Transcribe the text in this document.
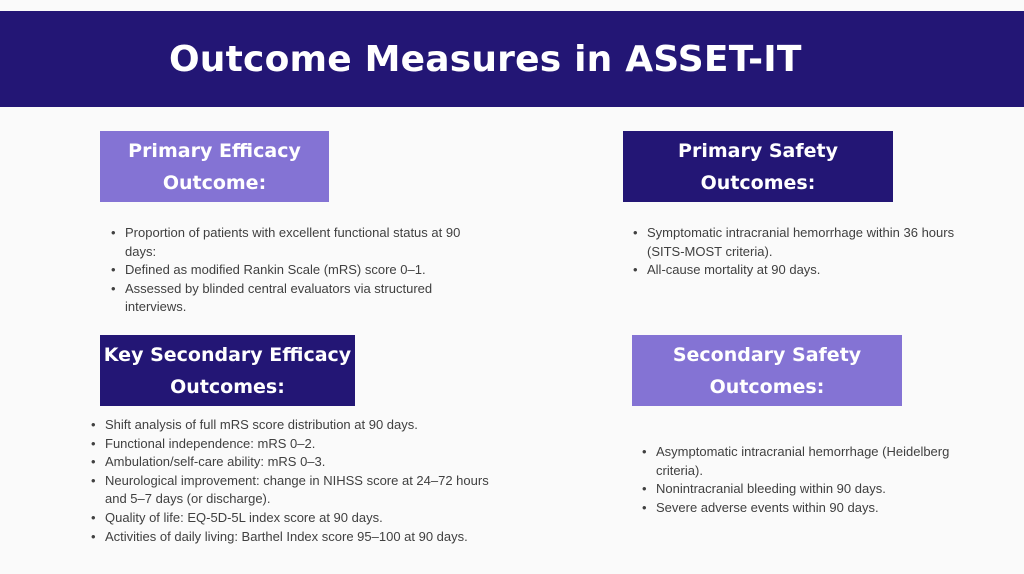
Outcome Measures in ASSET-IT
Primary Efficacy
Outcome:
• Proportion of patients with excellent functional status at 90 days:
• Defined as modified Rankin Scale (mRS) score 0–1.
• Assessed by blinded central evaluators via structured interviews.
Primary Safety
Outcomes:
• Symptomatic intracranial hemorrhage within 36 hours (SITS-MOST criteria).
• All-cause mortality at 90 days.
Key Secondary Efficacy
Outcomes:
• Shift analysis of full mRS score distribution at 90 days.
• Functional independence: mRS 0–2.
• Ambulation/self-care ability: mRS 0–3.
• Neurological improvement: change in NIHSS score at 24–72 hours and 5–7 days (or discharge).
• Quality of life: EQ-5D-5L index score at 90 days.
• Activities of daily living: Barthel Index score 95–100 at 90 days.
Secondary Safety
Outcomes:
• Asymptomatic intracranial hemorrhage (Heidelberg criteria).
• Nonintracranial bleeding within 90 days.
• Severe adverse events within 90 days.
